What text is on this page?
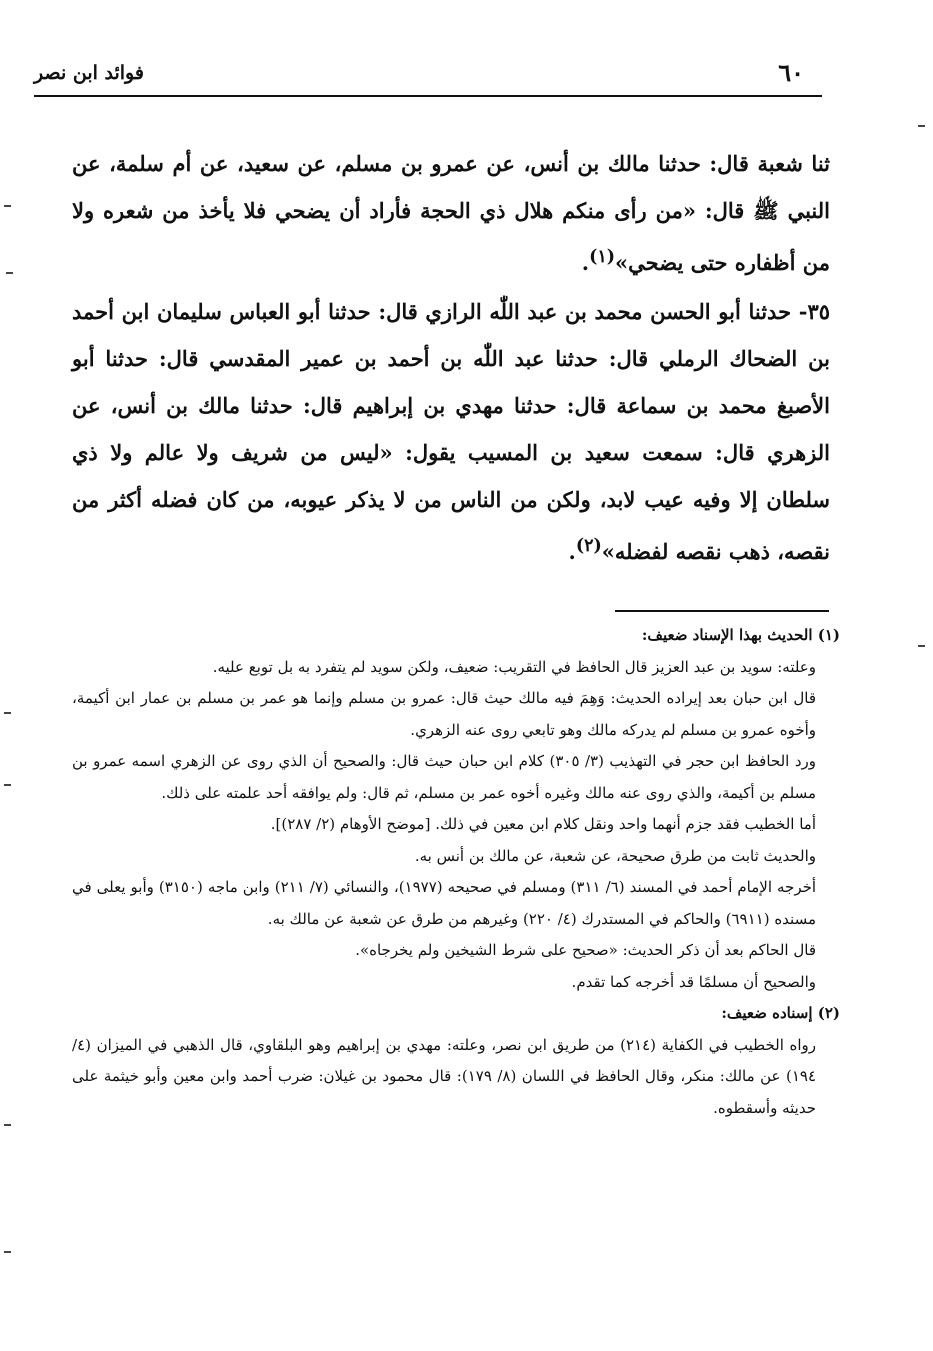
٦٠
فوائد ابن نصر

ثنا شعبة قال: حدثنا مالك بن أنس، عن عمرو بن مسلم، عن سعيد، عن أم سلمة، عن النبي ﷺ قال: «من رأى منكم هلال ذي الحجة فأراد أن يضحي فلا يأخذ من شعره ولا من أظفاره حتى يضحي»$^{(١)}$.

٣٥- حدثنا أبو الحسن محمد بن عبد اللّٰه الرازي قال: حدثنا أبو العباس سليمان ابن أحمد بن الضحاك الرملي قال: حدثنا عبد اللّٰه بن أحمد بن عمير المقدسي قال: حدثنا أبو الأصبغ محمد بن سماعة قال: حدثنا مهدي بن إبراهيم قال: حدثنا مالك بن أنس، عن الزهري قال: سمعت سعيد بن المسيب يقول: «ليس من شريف ولا عالم ولا ذي سلطان إلا وفيه عيب لابد، ولكن من الناس من لا يذكر عيوبه، من كان فضله أكثر من نقصه، ذهب نقصه لفضله»$^{(٢)}$.

(١) الحديث بهذا الإسناد ضعيف:

وعلته: سويد بن عبد العزيز قال الحافظ في التقريب: ضعيف، ولكن سويد لم يتفرد به بل توبع عليه.

قال ابن حبان بعد إيراده الحديث: وَهِمَ فيه مالك حيث قال: عمرو بن مسلم وإنما هو عمر بن مسلم بن عمار ابن أكيمة، وأخوه عمرو بن مسلم لم يدركه مالك وهو تابعي روى عنه الزهري.

ورد الحافظ ابن حجر في التهذيب (٣/ ٣٠٥) كلام ابن حبان حيث قال: والصحيح أن الذي روى عن الزهري اسمه عمرو بن مسلم بن أكيمة، والذي روى عنه مالك وغيره أخوه عمر بن مسلم، ثم قال: ولم يوافقه أحد علمته على ذلك.

أما الخطيب فقد جزم أنهما واحد ونقل كلام ابن معين في ذلك. [موضح الأوهام (٢/ ٢٨٧)].

والحديث ثابت من طرق صحيحة، عن شعبة، عن مالك بن أنس به.

أخرجه الإمام أحمد في المسند (٦/ ٣١١) ومسلم في صحيحه (١٩٧٧)، والنسائي (٧/ ٢١١) وابن ماجه (٣١٥٠) وأبو يعلى في مسنده (٦٩١١) والحاكم في المستدرك (٤/ ٢٢٠) وغيرهم من طرق عن شعبة عن مالك به.

قال الحاكم بعد أن ذكر الحديث: «صحيح على شرط الشيخين ولم يخرجاه».

والصحيح أن مسلمًا قد أخرجه كما تقدم.

(٢) إسناده ضعيف:

رواه الخطيب في الكفاية (٢١٤) من طريق ابن نصر، وعلته: مهدي بن إبراهيم وهو البلقاوي، قال الذهبي في الميزان (٤/ ١٩٤) عن مالك: منكر، وقال الحافظ في اللسان (٨/ ١٧٩): قال محمود بن غيلان: ضرب أحمد وابن معين وأبو خيثمة على حديثه وأسقطوه.
